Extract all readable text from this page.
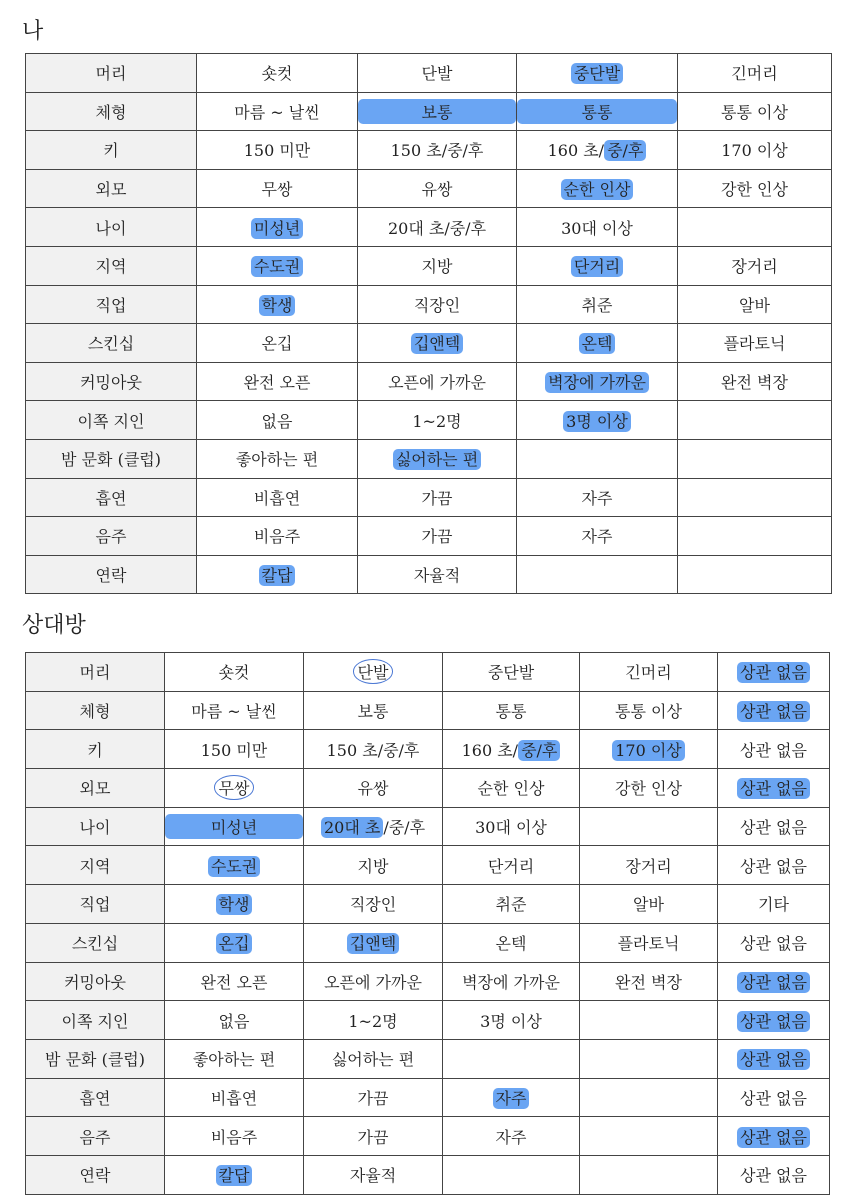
나
머리	숏컷	단발	중단발	긴머리	
체형	마름 ~ 날씬	보통	통통	통통 이상	
키	150 미만	150 초/중/후	160 초/ 중/후	170 이상	
외모	무쌍	유쌍	순한 인상	강한 인상	
나이	미성년	20대 초/중/후	30대 이상		
지역	수도권	지방	단거리	장거리	
직업	학생	직장인	취준	알바	
스킨십	온깁	깁앤텍	온텍	플라토닉	
커밍아웃	완전 오픈	오픈에 가까운	벽장에 가까운	완전 벽장	
이쪽 지인	없음	1~2명	3명 이상		
밤 문화 (클럽)	좋아하는 편	싫어하는 편			
흡연	비흡연	가끔	자주		
음주	비음주	가끔	자주		
연락	칼답	자율적			
상대방
머리	숏컷	단발	중단발	긴머리	상관 없음	
체형	마름 ~ 날씬	보통	통통	통통 이상	상관 없음	
키	150 미만	150 초/중/후	160 초/ 중/후	170 이상	상관 없음	
외모	무쌍	유쌍	순한 인상	강한 인상	상관 없음	
나이	미성년	20대 초 /중/후	30대 이상		상관 없음	
지역	수도권	지방	단거리	장거리	상관 없음	
직업	학생	직장인	취준	알바	기타	
스킨십	온깁	깁앤텍	온텍	플라토닉	상관 없음	
커밍아웃	완전 오픈	오픈에 가까운	벽장에 가까운	완전 벽장	상관 없음	
이쪽 지인	없음	1~2명	3명 이상		상관 없음	
밤 문화 (클럽)	좋아하는 편	싫어하는 편			상관 없음	
흡연	비흡연	가끔	자주		상관 없음	
음주	비음주	가끔	자주		상관 없음	
연락	칼답	자율적			상관 없음	
